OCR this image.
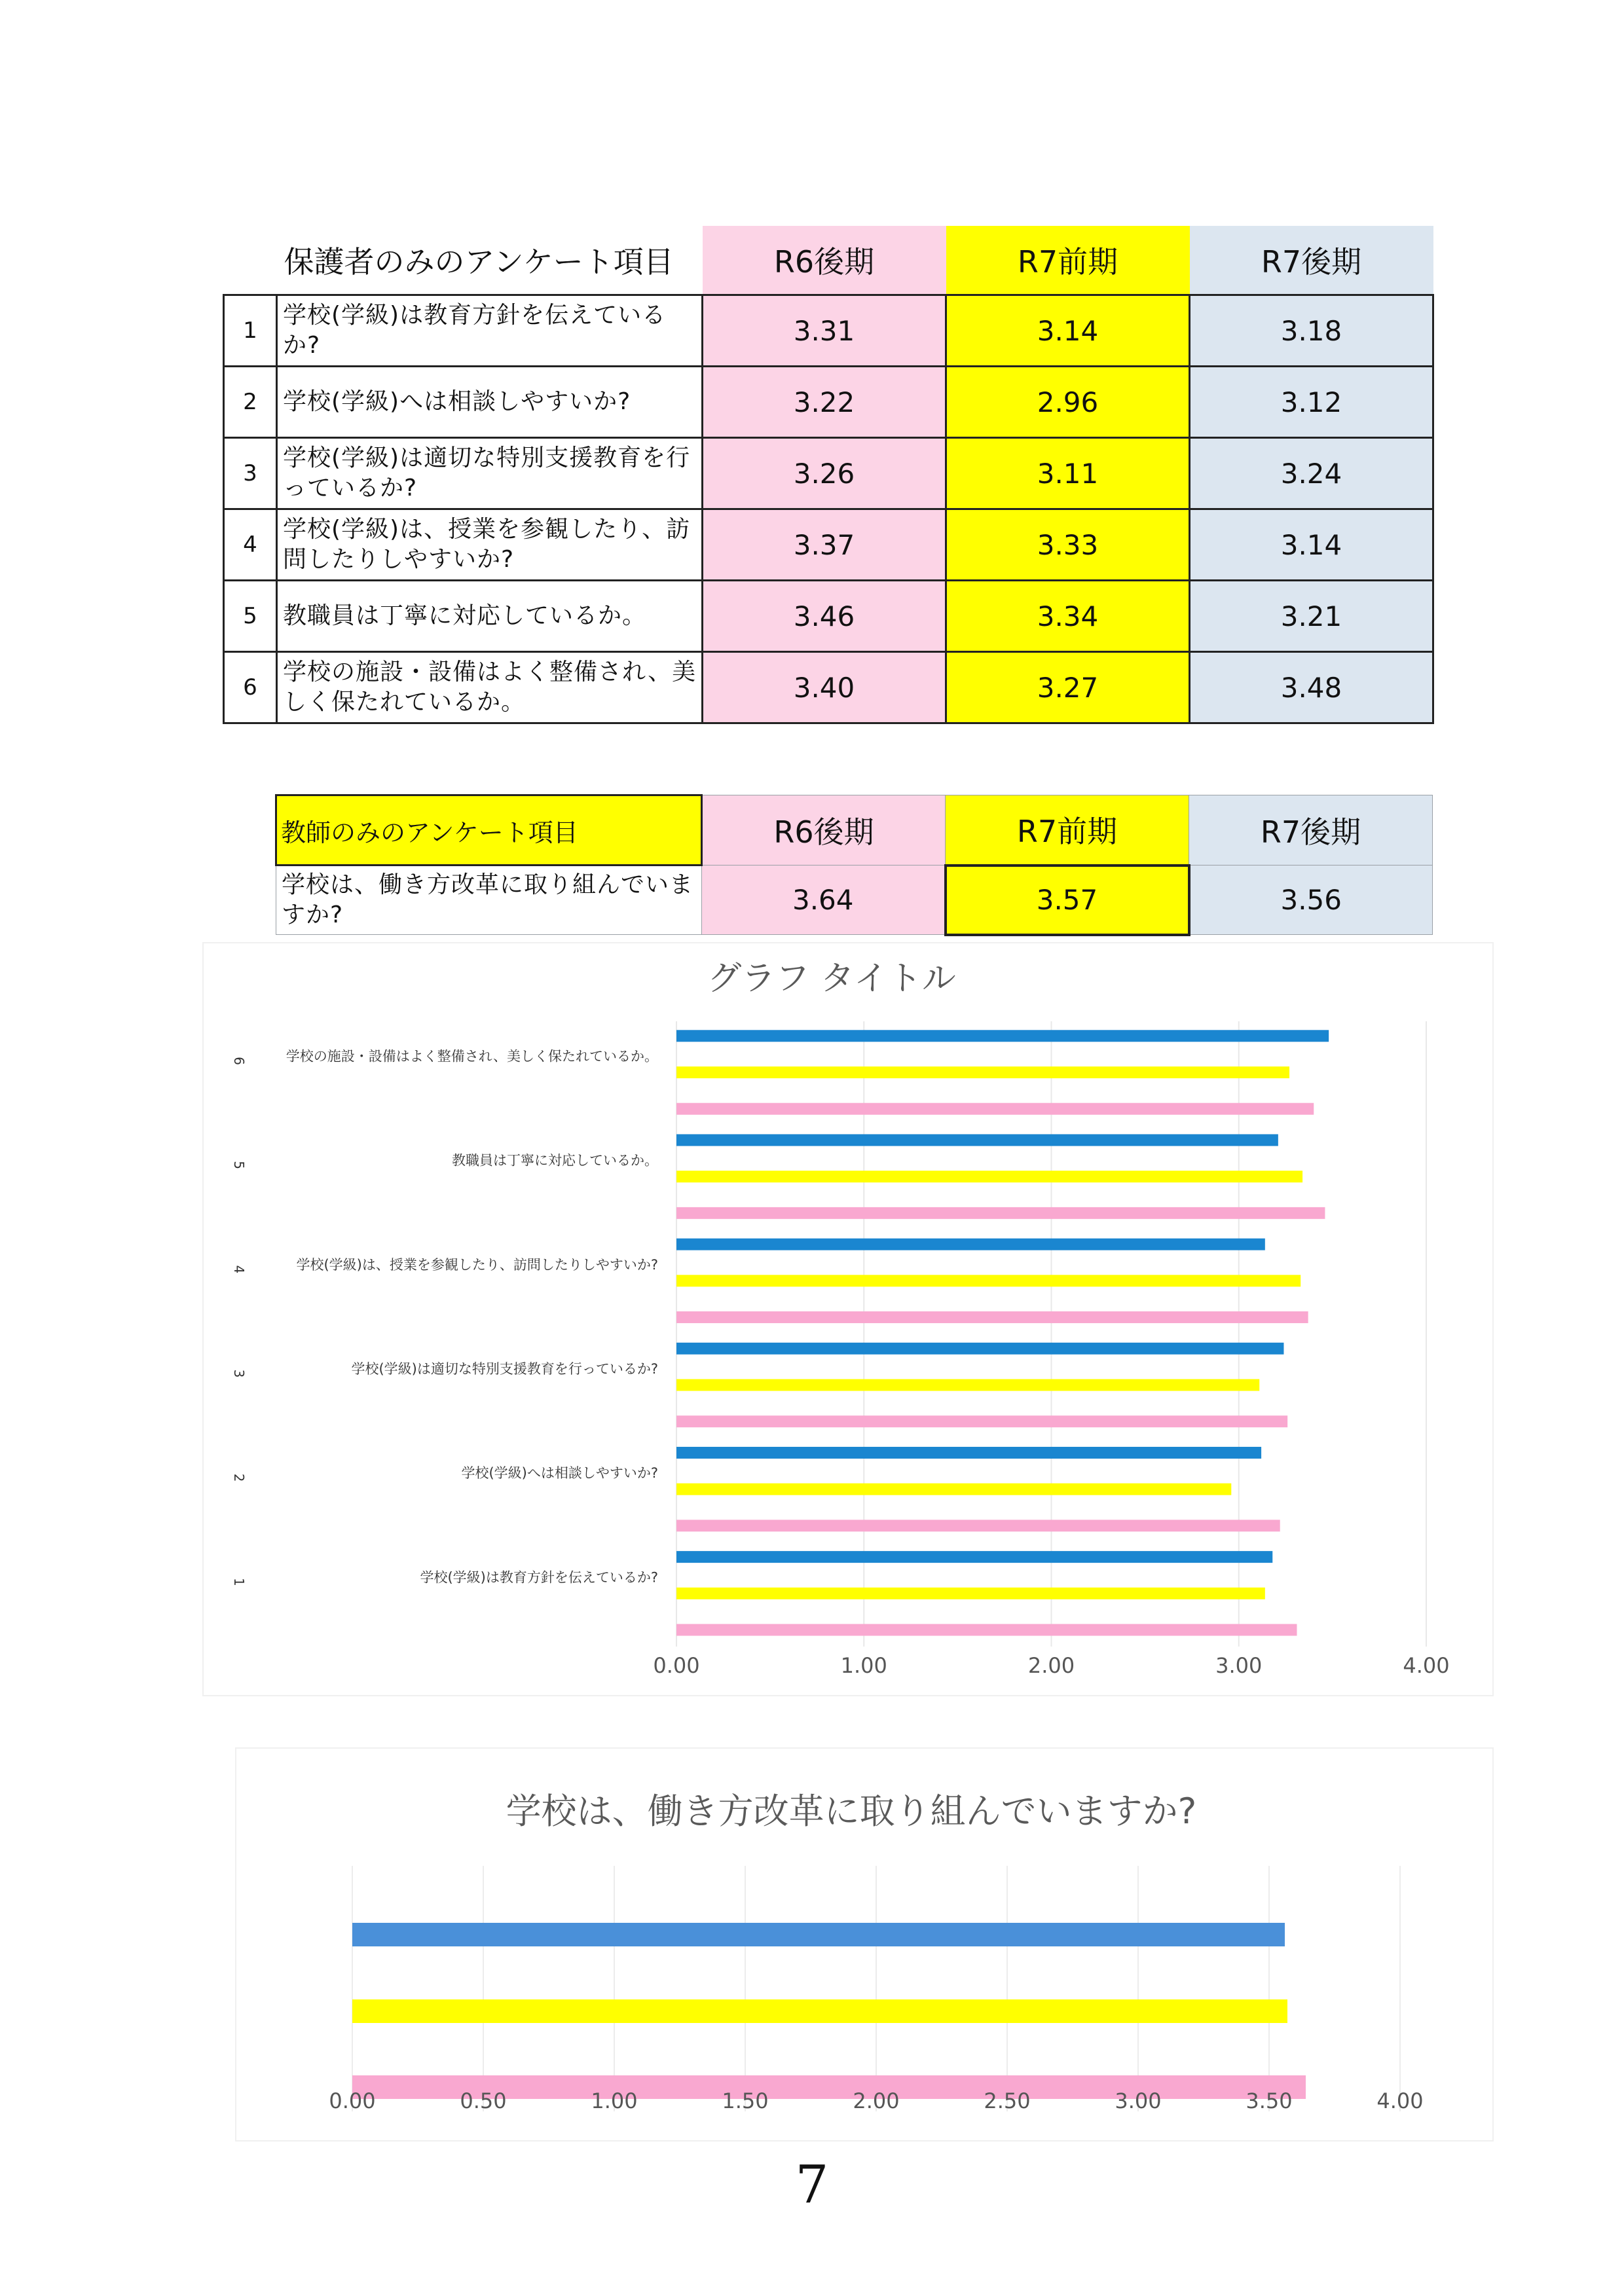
保護者のみのアンケート項目		R6後期	R7前期	R7後期
1	学校(学級)は教育方針を伝えているか?	3.31	3.14	3.18
2	学校(学級)へは相談しやすいか?	3.22	2.96	3.12
3	学校(学級)は適切な特別支援教育を行っているか?	3.26	3.11	3.24
4	学校(学級)は、授業を参観したり、訪問したりしやすいか?	3.37	3.33	3.14
5	教職員は丁寧に対応しているか。	3.46	3.34	3.21
6	学校の施設・設備はよく整備され、美しく保たれているか。	3.40	3.27	3.48
教師のみのアンケート項目	R6後期	R7前期	R7後期
学校は、働き方改革に取り組んでいますか?	3.64	3.57	3.56
グラフ タイトル
学校(学級)は教育方針を伝えているか?
1
学校(学級)へは相談しやすいか?
2
学校(学級)は適切な特別支援教育を行っているか?
3
学校(学級)は、授業を参観したり、訪問したりしやすいか?
4
教職員は丁寧に対応しているか。
5
学校の施設・設備はよく整備され、美しく保たれているか。
6
0.00	1.00	2.00	3.00	4.00
学校は、働き方改革に取り組んでいますか?
0.00	0.50	1.00	1.50	2.00	2.50	3.00	3.50	4.00
7
